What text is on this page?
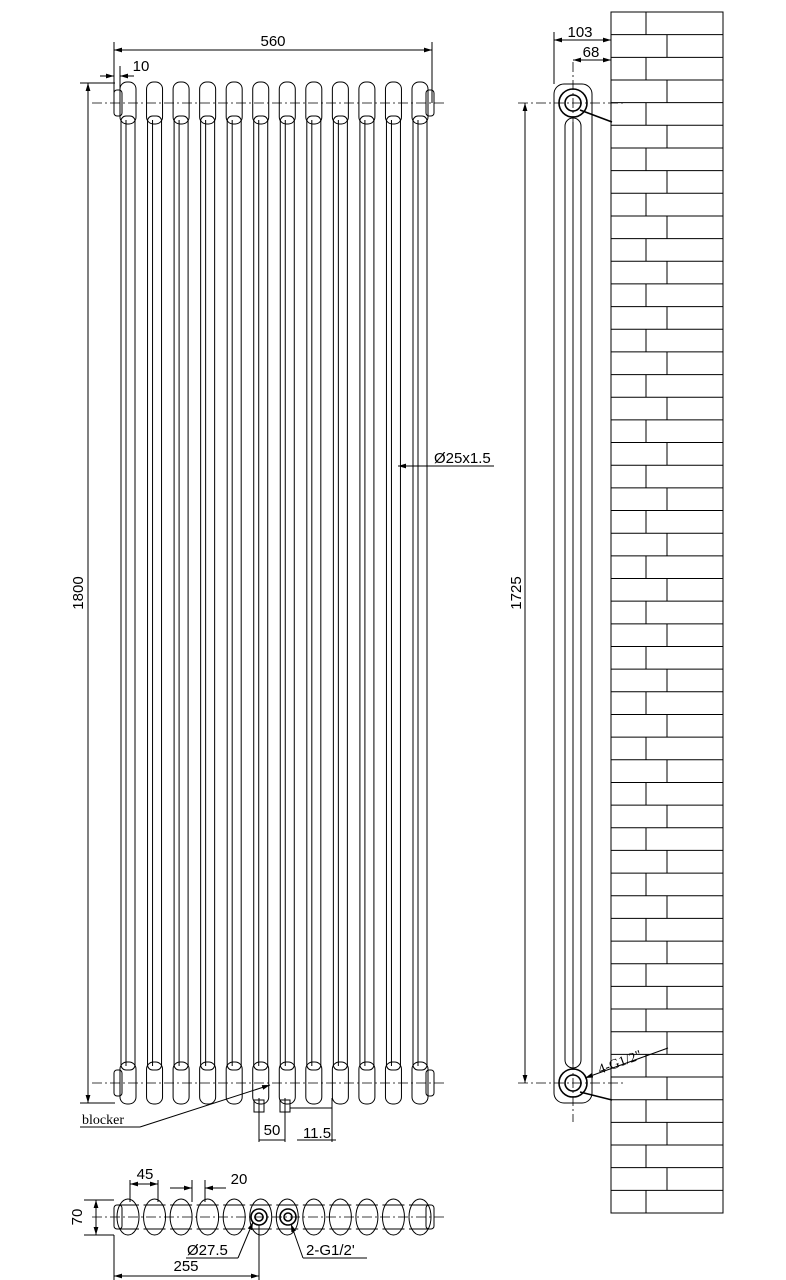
560
10
1800
Ø25x1.5
blocker
50 11.5
103
68
1725
4-G1/2"
45	20
70
Ø27.5	2-G1/2'
255
